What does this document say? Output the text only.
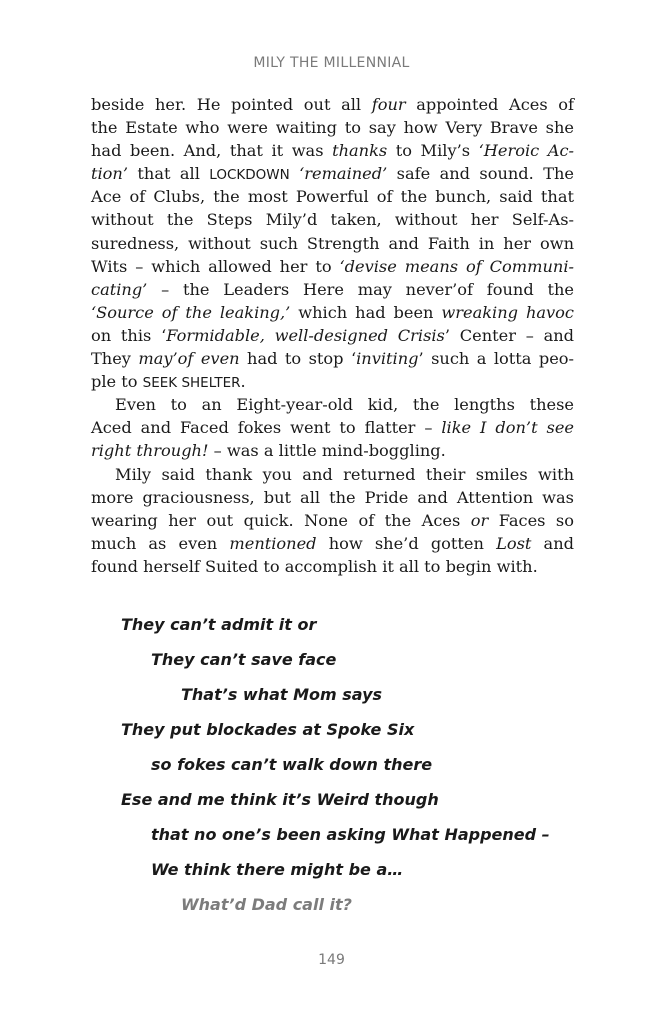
MILY THE MILLENNIAL
beside her. He pointed out all four appointed Aces of
the Estate who were waiting to say how Very Brave she
had been. And, that it was thanks to Mily’s ‘Heroic Ac-
tion’ that all LOCKDOWN ‘remained’ safe and sound. The
Ace of Clubs, the most Powerful of the bunch, said that
without the Steps Mily’d taken, without her Self-As-
suredness, without such Strength and Faith in her own
Wits – which allowed her to ‘devise means of Communi-
cating’ – the Leaders Here may never’of found the
‘Source of the leaking,’ which had been wreaking havoc
on this ‘Formidable, well-designed Crisis’ Center – and
They may’of even had to stop ‘inviting’ such a lotta peo-
ple to SEEK SHELTER.
Even to an Eight-year-old kid, the lengths these
Aced and Faced fokes went to flatter – like I don’t see
right through! – was a little mind-boggling.
Mily said thank you and returned their smiles with
more graciousness, but all the Pride and Attention was
wearing her out quick. None of the Aces or Faces so
much as even mentioned how she’d gotten Lost and
found herself Suited to accomplish it all to begin with.
They can’t admit it or
They can’t save face
That’s what Mom says
They put blockades at Spoke Six
so fokes can’t walk down there
Ese and me think it’s Weird though
that no one’s been asking What Happened –
We think there might be a…
What’d Dad call it?
149
